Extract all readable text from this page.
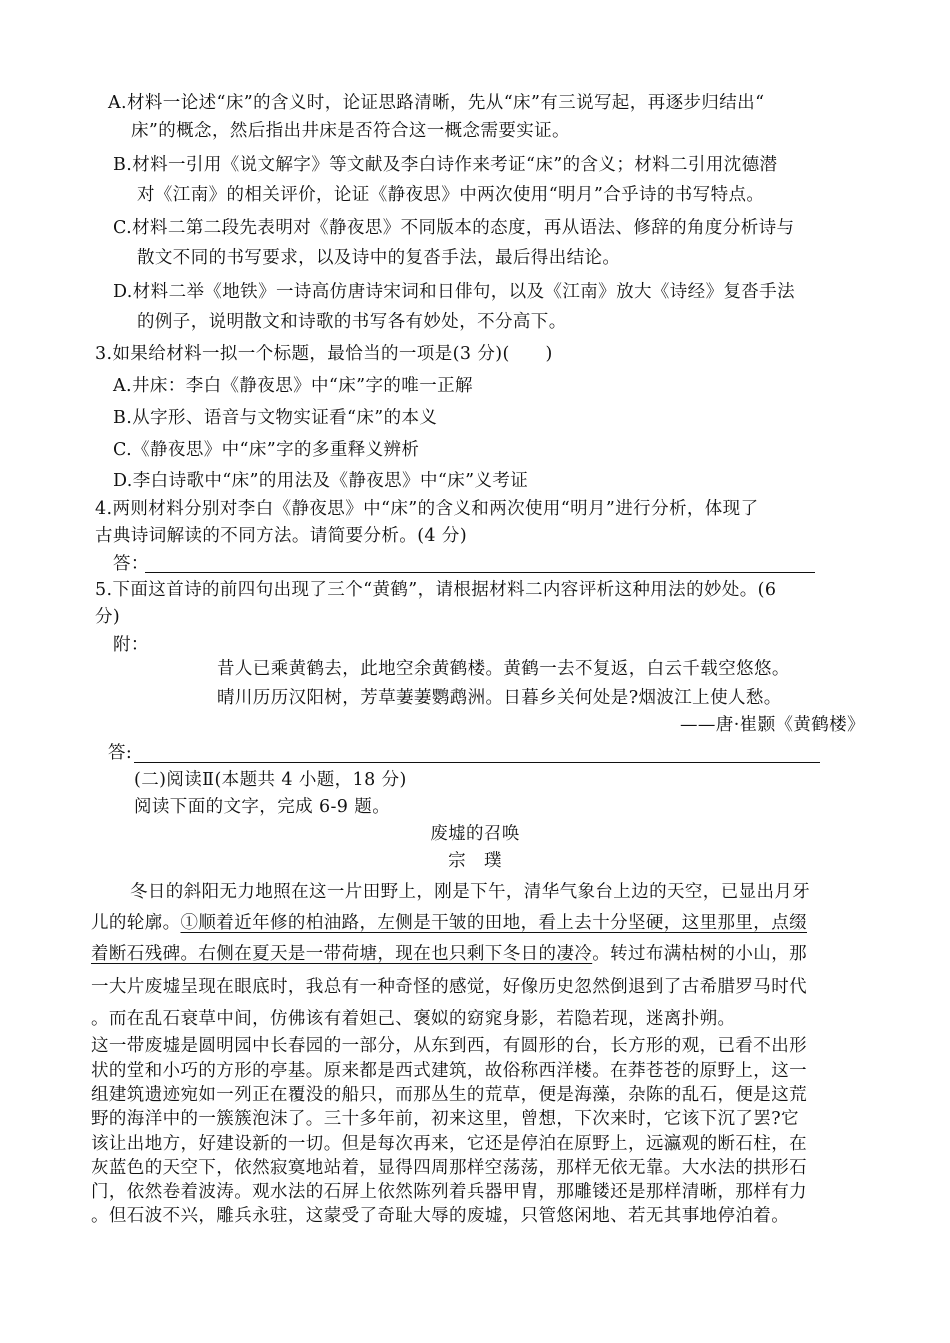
A.材料一论述“床”的含义时，论证思路清晰，先从“床”有三说写起，再逐步归结出“
床”的概念，然后指出井床是否符合这一概念需要实证。
B.材料一引用《说文解字》等文献及李白诗作来考证“床”的含义；材料二引用沈德潜
对《江南》的相关评价，论证《静夜思》中两次使用“明月”合乎诗的书写特点。
C.材料二第二段先表明对《静夜思》不同版本的态度，再从语法、修辞的角度分析诗与
散文不同的书写要求，以及诗中的复沓手法，最后得出结论。
D.材料二举《地铁》一诗高仿唐诗宋词和日俳句，以及《江南》放大《诗经》复沓手法
的例子，说明散文和诗歌的书写各有妙处，不分高下。
3.如果给材料一拟一个标题，最恰当的一项是(3 分)(　　)
A.井床：李白《静夜思》中“床”字的唯一正解
B.从字形、语音与文物实证看“床”的本义
C.《静夜思》中“床”字的多重释义辨析
D.李白诗歌中“床”的用法及《静夜思》中“床”义考证
4.两则材料分别对李白《静夜思》中“床”的含义和两次使用“明月”进行分析，体现了
古典诗词解读的不同方法。请简要分析。(4 分)
答：
5.下面这首诗的前四句出现了三个“黄鹤”，请根据材料二内容评析这种用法的妙处。(6
分)
附：
昔人已乘黄鹤去，此地空余黄鹤楼。黄鹤一去不复返，白云千载空悠悠。
晴川历历汉阳树，芳草萋萋鹦鹉洲。日暮乡关何处是?烟波江上使人愁。
——唐·崔颢《黄鹤楼》
答:
(二)阅读Ⅱ(本题共 4 小题，18 分)
阅读下面的文字，完成 6-9 题。
废墟的召唤
宗　璞
冬日的斜阳无力地照在这一片田野上，刚是下午，清华气象台上边的天空，已显出月牙
儿的轮廓。①顺着近年修的柏油路，左侧是干皱的田地，看上去十分坚硬，这里那里，点缀
着断石残碑。右侧在夏天是一带荷塘，现在也只剩下冬日的凄冷。转过布满枯树的小山，那
一大片废墟呈现在眼底时，我总有一种奇怪的感觉，好像历史忽然倒退到了古希腊罗马时代
。而在乱石衰草中间，仿佛该有着妲己、褒姒的窈窕身影，若隐若现，迷离扑朔。
这一带废墟是圆明园中长春园的一部分，从东到西，有圆形的台，长方形的观，已看不出形
状的堂和小巧的方形的亭基。原来都是西式建筑，故俗称西洋楼。在莽苍苍的原野上，这一
组建筑遗迹宛如一列正在覆没的船只，而那丛生的荒草，便是海藻，杂陈的乱石，便是这荒
野的海洋中的一簇簇泡沫了。三十多年前，初来这里，曾想，下次来时，它该下沉了罢?它
该让出地方，好建设新的一切。但是每次再来，它还是停泊在原野上，远瀛观的断石柱，在
灰蓝色的天空下，依然寂寞地站着，显得四周那样空荡荡，那样无依无靠。大水法的拱形石
门，依然卷着波涛。观水法的石屏上依然陈列着兵器甲胄，那雕镂还是那样清晰，那样有力
。但石波不兴，雕兵永驻，这蒙受了奇耻大辱的废墟，只管悠闲地、若无其事地停泊着。
